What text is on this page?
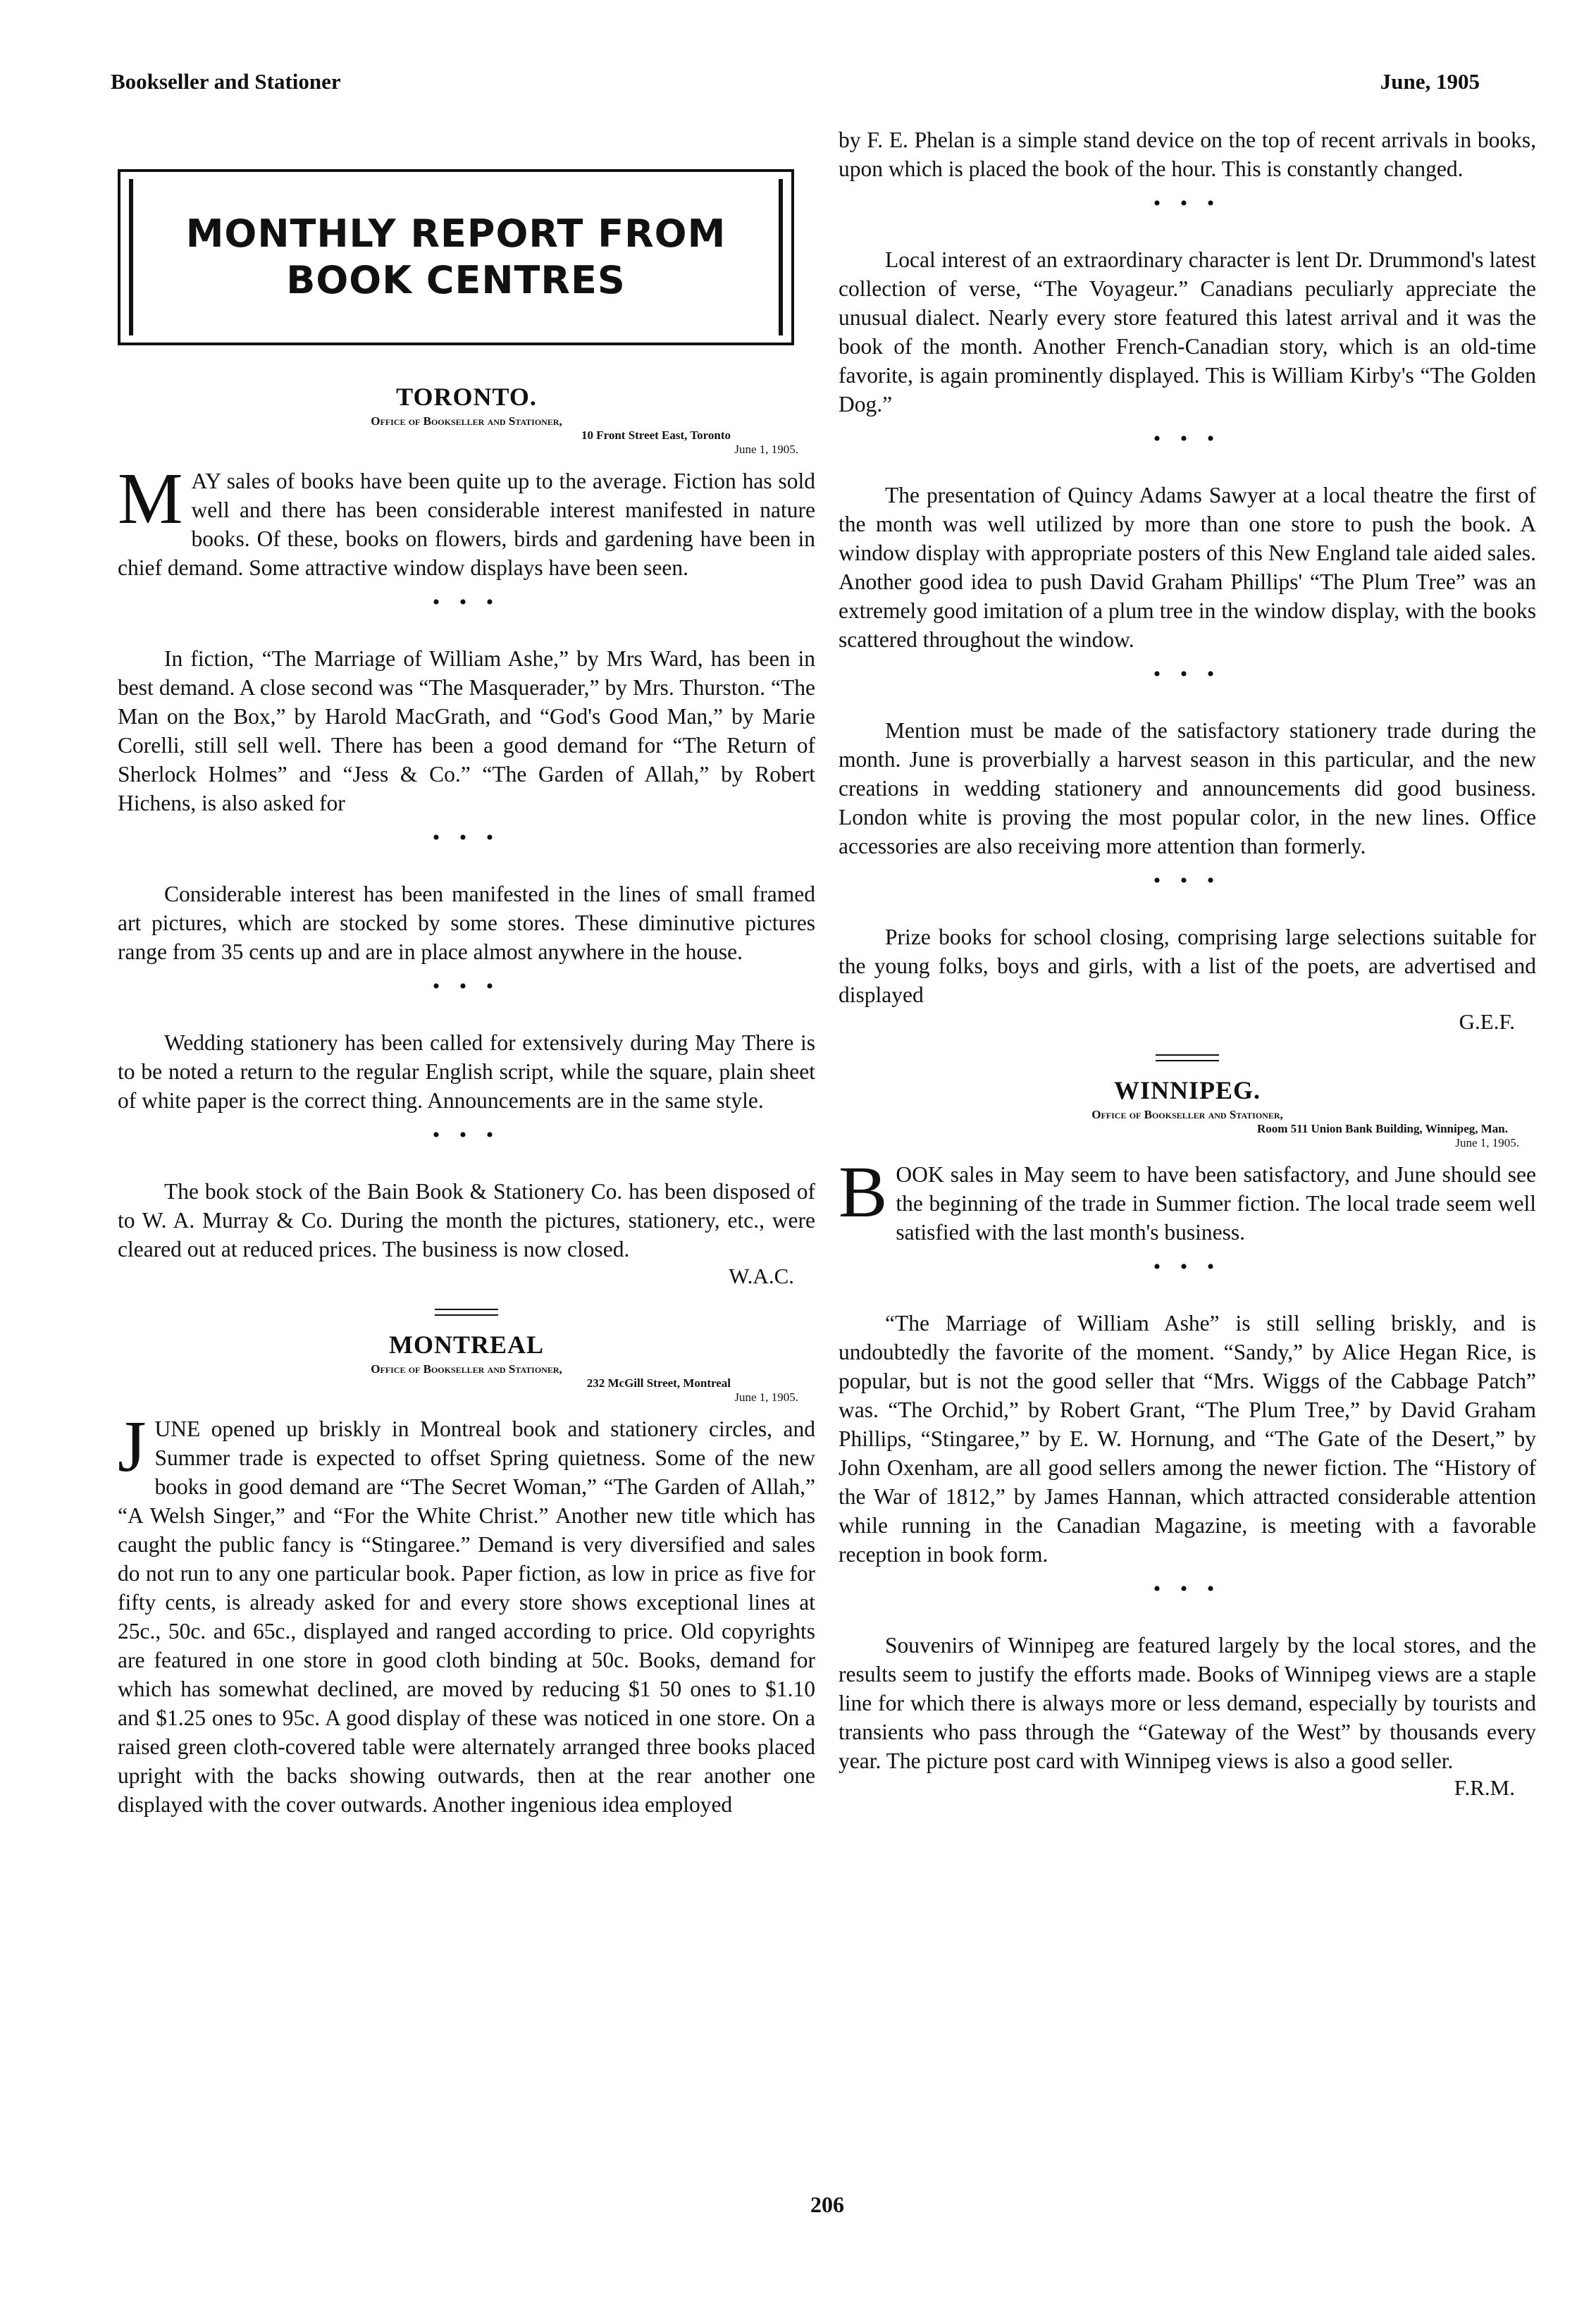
Bookseller and Stationer	June, 1905
MONTHLY REPORT FROM
BOOK CENTRES
TORONTO.
Office of Bookseller and Stationer,
10 Front Street East, Toronto
June 1, 1905.

MAY sales of books have been quite up to the average. Fiction has sold well and there has been considerable interest manifested in nature books. Of these, books on flowers, birds and gardening have been in chief demand. Some attractive window displays have been seen.

• • •

In fiction, “The Marriage of William Ashe,” by Mrs Ward, has been in best demand. A close second was “The Masquerader,” by Mrs. Thurston. “The Man on the Box,” by Harold MacGrath, and “God's Good Man,” by Marie Corelli, still sell well. There has been a good demand for “The Return of Sherlock Holmes” and “Jess & Co.” “The Garden of Allah,” by Robert Hichens, is also asked for

• • •

Considerable interest has been manifested in the lines of small framed art pictures, which are stocked by some stores. These diminutive pictures range from 35 cents up and are in place almost anywhere in the house.

• • •

Wedding stationery has been called for extensively during May There is to be noted a return to the regular English script, while the square, plain sheet of white paper is the correct thing. Announcements are in the same style.

• • •

The book stock of the Bain Book & Stationery Co. has been disposed of to W. A. Murray & Co. During the month the pictures, stationery, etc., were cleared out at reduced prices. The business is now closed.

W.A.C.
MONTREAL
Office of Bookseller and Stationer,
232 McGill Street, Montreal
June 1, 1905.

JUNE opened up briskly in Montreal book and stationery circles, and Summer trade is expected to offset Spring quietness. Some of the new books in good demand are “The Secret Woman,” “The Garden of Allah,” “A Welsh Singer,” and “For the White Christ.” Another new title which has caught the public fancy is “Stingaree.” Demand is very diversified and sales do not run to any one particular book. Paper fiction, as low in price as five for fifty cents, is already asked for and every store shows exceptional lines at 25c., 50c. and 65c., displayed and ranged according to price. Old copyrights are featured in one store in good cloth binding at 50c. Books, demand for which has somewhat declined, are moved by reducing $1 50 ones to $1.10 and $1.25 ones to 95c. A good display of these was noticed in one store. On a raised green cloth-covered table were alternately arranged three books placed upright with the backs showing outwards, then at the rear another one displayed with the cover outwards. Another ingenious idea employed

by F. E. Phelan is a simple stand device on the top of recent arrivals in books, upon which is placed the book of the hour. This is constantly changed.

• • •

Local interest of an extraordinary character is lent Dr. Drummond's latest collection of verse, “The Voyageur.” Canadians peculiarly appreciate the unusual dialect. Nearly every store featured this latest arrival and it was the book of the month. Another French-Canadian story, which is an old-time favorite, is again prominently displayed. This is William Kirby's “The Golden Dog.”

• • •

The presentation of Quincy Adams Sawyer at a local theatre the first of the month was well utilized by more than one store to push the book. A window display with appropriate posters of this New England tale aided sales. Another good idea to push David Graham Phillips' “The Plum Tree” was an extremely good imitation of a plum tree in the window display, with the books scattered throughout the window.

• • •

Mention must be made of the satisfactory stationery trade during the month. June is proverbially a harvest season in this particular, and the new creations in wedding stationery and announcements did good business. London white is proving the most popular color, in the new lines. Office accessories are also receiving more attention than formerly.

• • •

Prize books for school closing, comprising large selections suitable for the young folks, boys and girls, with a list of the poets, are advertised and displayed

G.E.F.
WINNIPEG.
Office of Bookseller and Stationer,
Room 511 Union Bank Building, Winnipeg, Man.
June 1, 1905.

BOOK sales in May seem to have been satisfactory, and June should see the beginning of the trade in Summer fiction. The local trade seem well satisfied with the last month's business.

• • •

“The Marriage of William Ashe” is still selling briskly, and is undoubtedly the favorite of the moment. “Sandy,” by Alice Hegan Rice, is popular, but is not the good seller that “Mrs. Wiggs of the Cabbage Patch” was. “The Orchid,” by Robert Grant, “The Plum Tree,” by David Graham Phillips, “Stingaree,” by E. W. Hornung, and “The Gate of the Desert,” by John Oxenham, are all good sellers among the newer fiction. The “History of the War of 1812,” by James Hannan, which attracted considerable attention while running in the Canadian Magazine, is meeting with a favorable reception in book form.

• • •

Souvenirs of Winnipeg are featured largely by the local stores, and the results seem to justify the efforts made. Books of Winnipeg views are a staple line for which there is always more or less demand, especially by tourists and transients who pass through the “Gateway of the West” by thousands every year. The picture post card with Winnipeg views is also a good seller.

F.R.M.
206
